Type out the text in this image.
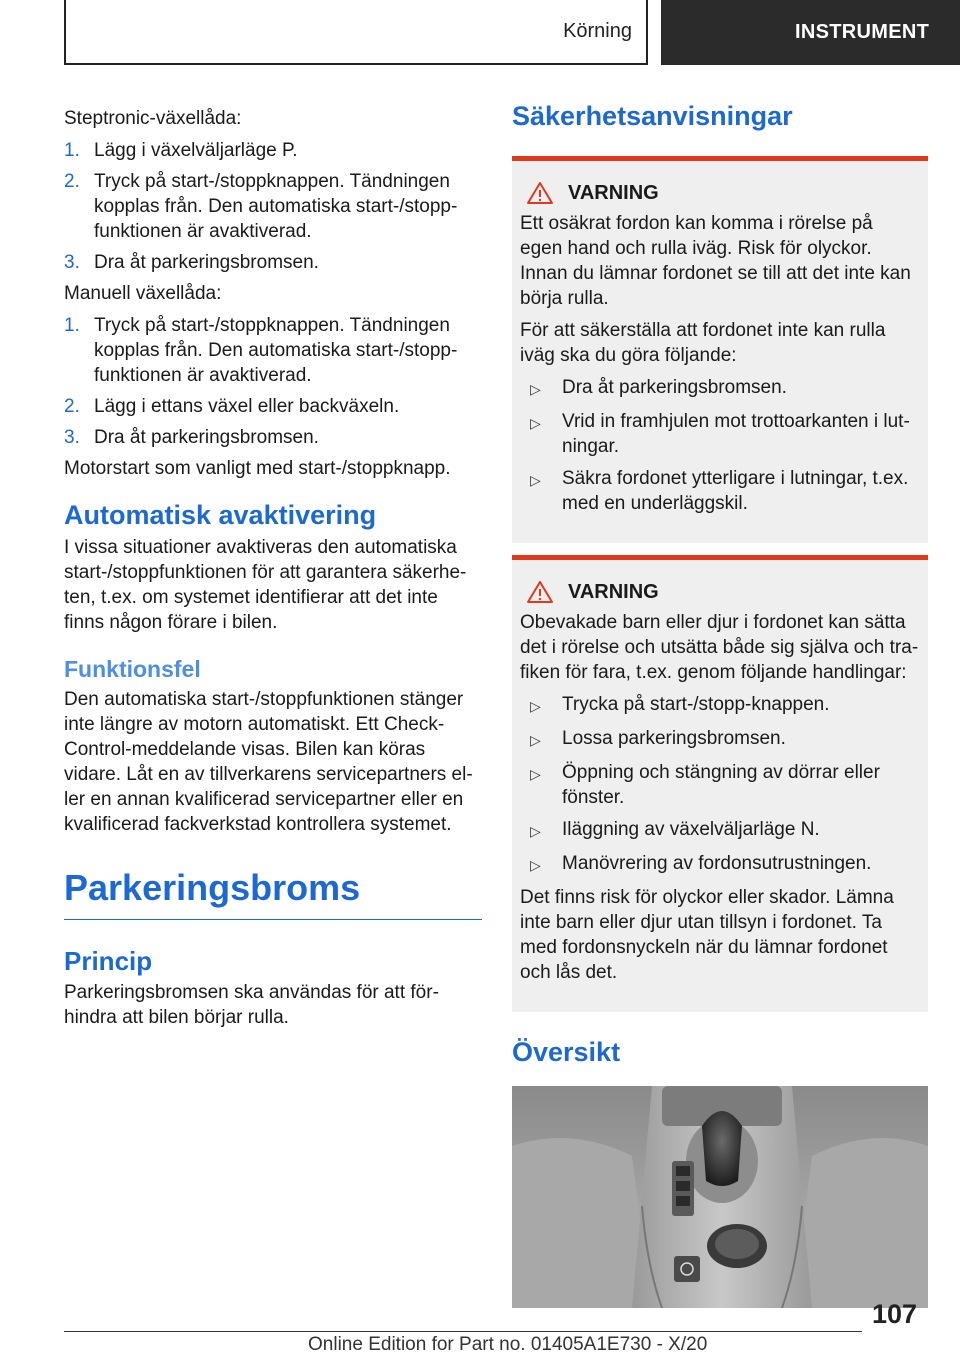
Körning	INSTRUMENT

Steptronic-växellåda:

1. Lägg i växelväljarläge P.
2. Tryck på start-/stoppknappen. Tändningen kopplas från. Den automatiska start-/stopp-funktionen är avaktiverad.
3. Dra åt parkeringsbromsen.

Manuell växellåda:

1. Tryck på start-/stoppknappen. Tändningen kopplas från. Den automatiska start-/stopp-funktionen är avaktiverad.
2. Lägg i ettans växel eller backväxeln.
3. Dra åt parkeringsbromsen.

Motorstart som vanligt med start-/stoppknapp.

Automatisk avaktivering

I vissa situationer avaktiveras den automatiska start-/stoppfunktionen för att garantera säkerhe-ten, t.ex. om systemet identifierar att det inte finns någon förare i bilen.

Funktionsfel

Den automatiska start-/stoppfunktionen stänger inte längre av motorn automatiskt. Ett Check-Control-meddelande visas. Bilen kan köras vidare. Låt en av tillverkarens servicepartners el-ler en annan kvalificerad servicepartner eller en kvalificerad fackverkstad kontrollera systemet.

Parkeringsbroms
Princip

Parkeringsbromsen ska användas för att för-hindra att bilen börjar rulla.

Säkerhetsanvisningar
VARNING

Ett osäkrat fordon kan komma i rörelse på egen hand och rulla iväg. Risk för olyckor. Innan du lämnar fordonet se till att det inte kan börja rulla.

För att säkerställa att fordonet inte kan rulla iväg ska du göra följande:

▷	Dra åt parkeringsbromsen.
▷	Vrid in framhjulen mot trottoarkanten i lut-ningar.
▷	Säkra fordonet ytterligare i lutningar, t.ex. med en underläggskil.
VARNING

Obevakade barn eller djur i fordonet kan sätta det i rörelse och utsätta både sig själva och tra-fiken för fara, t.ex. genom följande handlingar:

▷	Trycka på start-/stopp-knappen.
▷	Lossa parkeringsbromsen.
▷	Öppning och stängning av dörrar eller fönster.
▷	Iläggning av växelväljarläge N.
▷	Manövrering av fordonsutrustningen.

Det finns risk för olyckor eller skador. Lämna inte barn eller djur utan tillsyn i fordonet. Ta med fordonsnyckeln när du lämnar fordonet och lås det.

Översikt
107
Online Edition for Part no. 01405A1E730 - X/20
